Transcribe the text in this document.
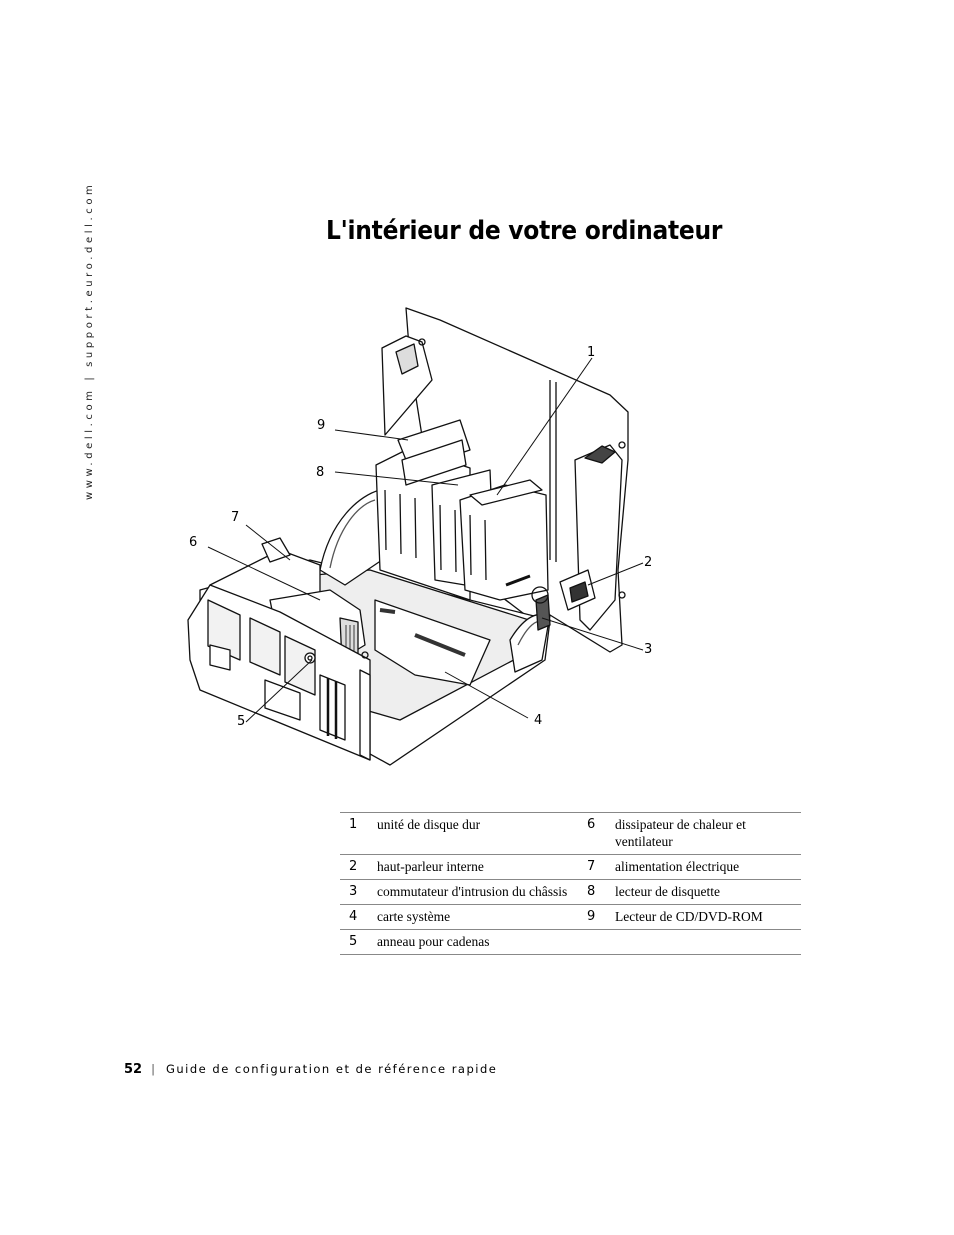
www.dell.com | support.euro.dell.com	L'intérieur de votre ordinateur
1
2
3
4
5
6
7
8
9
1	unité de disque dur	6	dissipateur de chaleur et ventilateur
2	haut-parleur interne	7	alimentation électrique
3	commutateur d'intrusion du châssis	8	lecteur de disquette
4	carte système	9	Lecteur de CD/DVD-ROM
5	anneau pour cadenas		
52 | Guide de configuration et de référence rapide
